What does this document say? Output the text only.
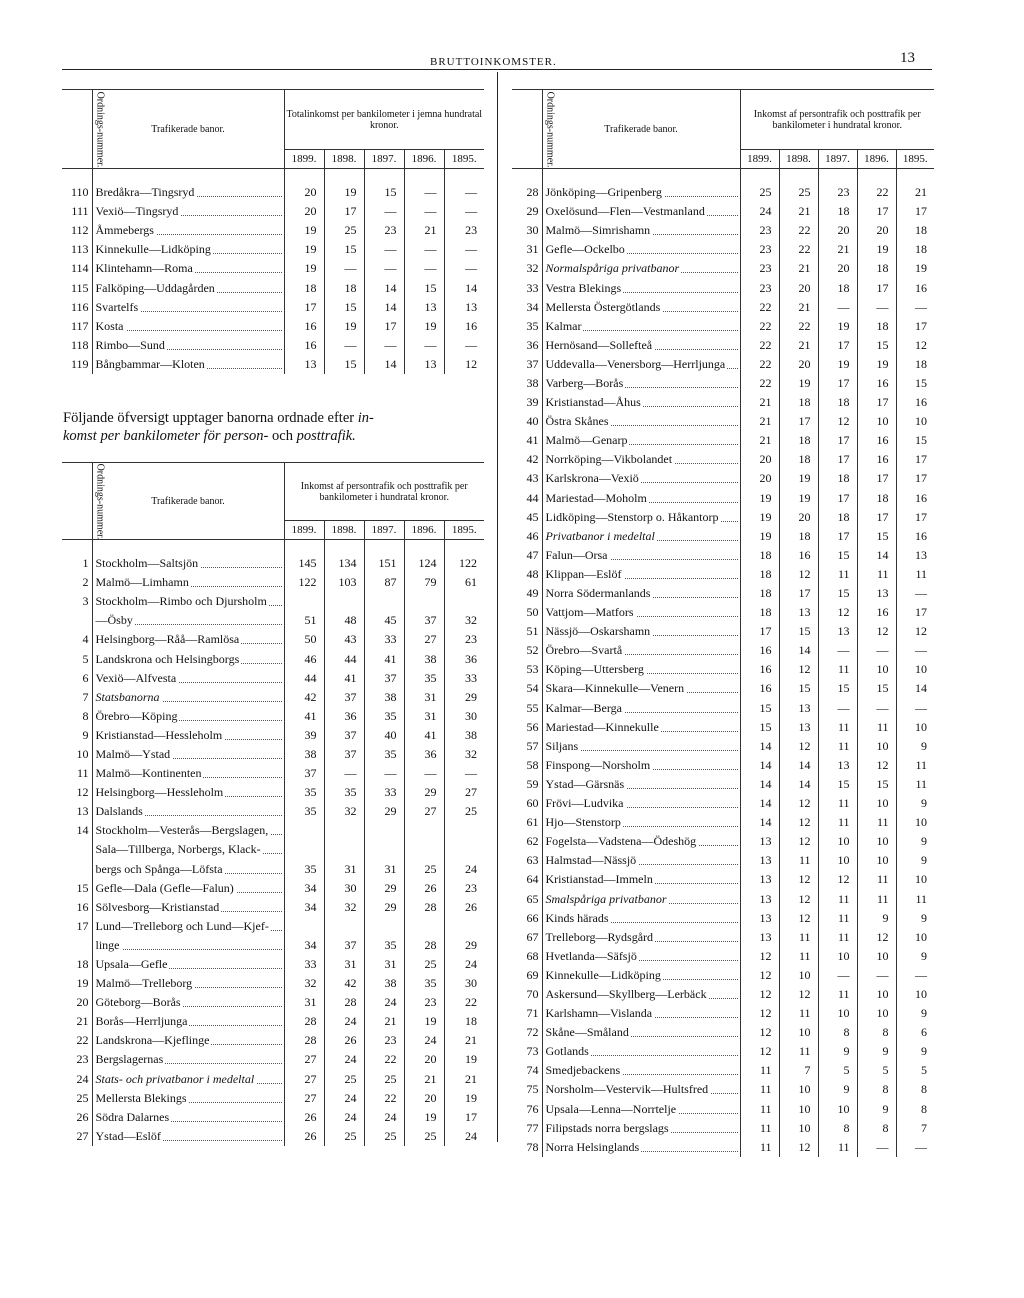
BRUTTOINKOMSTER.	13
Ordnings-nummer.	Trafikerade banor.	Totalinkomst per bankilometer i jemna hundratal kronor.				
		1899.	1898.	1897.	1896.	1895.

110	Bredåkra—Tingsryd	20	19	15	—	—
111	Vexiö—Tingsryd	20	17	—	—	—
112	Åmmebergs	19	25	23	21	23
113	Kinnekulle—Lidköping	19	15	—	—	—
114	Klintehamn—Roma	19	—	—	—	—
115	Falköping—Uddagården	18	18	14	15	14
116	Svartelfs	17	15	14	13	13
117	Kosta	16	19	17	19	16
118	Rimbo—Sund	16	—	—	—	—
119	Bångbammar—Kloten	13	15	14	13	12
Följande öfversigt upptager banorna ordnade efter in-
komst per bankilometer för person- och posttrafik.
Ordnings-nummer.	Trafikerade banor.	Inkomst af persontrafik och posttrafik per bankilometer i hundratal kronor.				
		1899.	1898.	1897.	1896.	1895.

1	Stockholm—Saltsjön	145	134	151	124	122
2	Malmö—Limhamn	122	103	87	79	61
3	Stockholm—Rimbo och Djursholm					

	—Ösby	51	48	45	37	32
4	Helsingborg—Råå—Ramlösa	50	43	33	27	23
5	Landskrona och Helsingborgs	46	44	41	38	36
6	Vexiö—Alfvesta	44	41	37	35	33
7	Statsbanorna	42	37	38	31	29
8	Örebro—Köping	41	36	35	31	30
9	Kristianstad—Hessleholm	39	37	40	41	38
10	Malmö—Ystad	38	37	35	36	32
11	Malmö—Kontinenten	37	—	—	—	—
12	Helsingborg—Hessleholm	35	35	33	29	27
13	Dalslands	35	32	29	27	25
14	Stockholm—Vesterås—Bergslagen,					

	Sala—Tillberga, Norbergs, Klack-					

	bergs och Spånga—Löfsta	35	31	31	25	24
15	Gefle—Dala (Gefle—Falun)	34	30	29	26	23
16	Sölvesborg—Kristianstad	34	32	29	28	26
17	Lund—Trelleborg och Lund—Kjef-					

	linge	34	37	35	28	29
18	Upsala—Gefle	33	31	31	25	24
19	Malmö—Trelleborg	32	42	38	35	30
20	Göteborg—Borås	31	28	24	23	22
21	Borås—Herrljunga	28	24	21	19	18
22	Landskrona—Kjeflinge	28	26	23	24	21
23	Bergslagernas	27	24	22	20	19
24	Stats- och privatbanor i medeltal	27	25	25	21	21
25	Mellersta Blekings	27	24	22	20	19
26	Södra Dalarnes	26	24	24	19	17
27	Ystad—Eslöf	26	25	25	25	24
Ordnings-nummer.	Trafikerade banor.	Inkomst af persontrafik och posttrafik per bankilometer i hundratal kronor.				
		1899.	1898.	1897.	1896.	1895.

28	Jönköping—Gripenberg	25	25	23	22	21
29	Oxelösund—Flen—Vestmanland	24	21	18	17	17
30	Malmö—Simrishamn	23	22	20	20	18
31	Gefle—Ockelbo	23	22	21	19	18
32	Normalspåriga privatbanor	23	21	20	18	19
33	Vestra Blekings	23	20	18	17	16
34	Mellersta Östergötlands	22	21	—	—	—
35	Kalmar	22	22	19	18	17
36	Hernösand—Sollefteå	22	21	17	15	12
37	Uddevalla—Venersborg—Herrljunga	22	20	19	19	18
38	Varberg—Borås	22	19	17	16	15
39	Kristianstad—Åhus	21	18	18	17	16
40	Östra Skånes	21	17	12	10	10
41	Malmö—Genarp	21	18	17	16	15
42	Norrköping—Vikbolandet	20	18	17	16	17
43	Karlskrona—Vexiö	20	19	18	17	17
44	Mariestad—Moholm	19	19	17	18	16
45	Lidköping—Stenstorp o. Håkantorp	19	20	18	17	17
46	Privatbanor i medeltal	19	18	17	15	16
47	Falun—Orsa	18	16	15	14	13
48	Klippan—Eslöf	18	12	11	11	11
49	Norra Södermanlands	18	17	15	13	—
50	Vattjom—Matfors	18	13	12	16	17
51	Nässjö—Oskarshamn	17	15	13	12	12
52	Örebro—Svartå	16	14	—	—	—
53	Köping—Uttersberg	16	12	11	10	10
54	Skara—Kinnekulle—Venern	16	15	15	15	14
55	Kalmar—Berga	15	13	—	—	—
56	Mariestad—Kinnekulle	15	13	11	11	10
57	Siljans	14	12	11	10	9
58	Finspong—Norsholm	14	14	13	12	11
59	Ystad—Gärsnäs	14	14	15	15	11
60	Frövi—Ludvika	14	12	11	10	9
61	Hjo—Stenstorp	14	12	11	11	10
62	Fogelsta—Vadstena—Ödeshög	13	12	10	10	9
63	Halmstad—Nässjö	13	11	10	10	9
64	Kristianstad—Immeln	13	12	12	11	10
65	Smalspåriga privatbanor	13	12	11	11	11
66	Kinds härads	13	12	11	9	9
67	Trelleborg—Rydsgård	13	11	11	12	10
68	Hvetlanda—Säfsjö	12	11	10	10	9
69	Kinnekulle—Lidköping	12	10	—	—	—
70	Askersund—Skyllberg—Lerbäck	12	12	11	10	10
71	Karlshamn—Vislanda	12	11	10	10	9
72	Skåne—Småland	12	10	8	8	6
73	Gotlands	12	11	9	9	9
74	Smedjebackens	11	7	5	5	5
75	Norsholm—Vestervik—Hultsfred	11	10	9	8	8
76	Upsala—Lenna—Norrtelje	11	10	10	9	8
77	Filipstads norra bergslags	11	10	8	8	7
78	Norra Helsinglands	11	12	11	—	—
